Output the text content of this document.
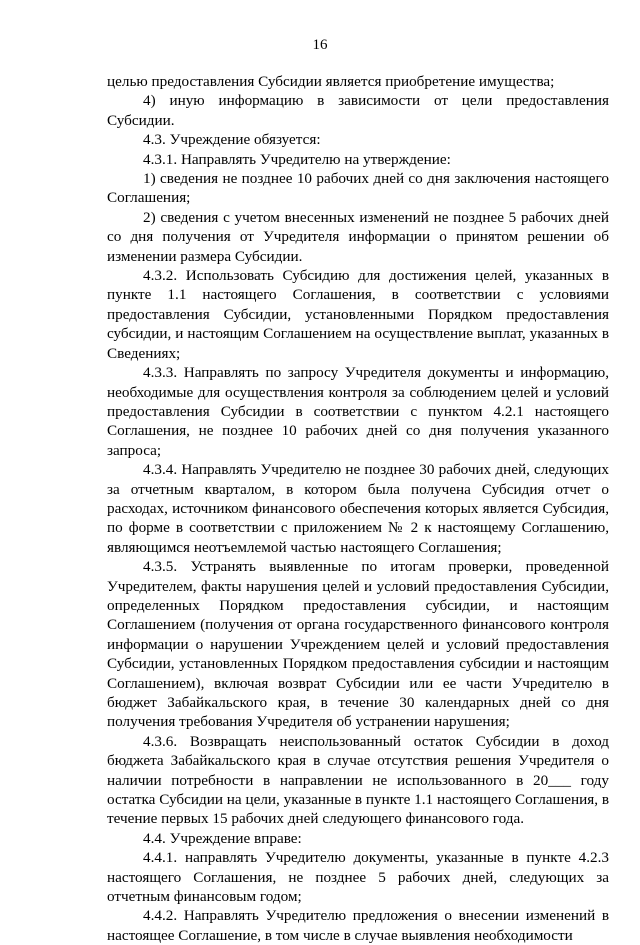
16

целью предоставления Субсидии является приобретение имущества;

4) иную информацию в зависимости от цели предоставления Субсидии.

4.3. Учреждение обязуется:

4.3.1. Направлять Учредителю на утверждение:

1) сведения не позднее 10 рабочих дней со дня заключения настоящего Соглашения;

2) сведения с учетом внесенных изменений не позднее 5 рабочих дней со дня получения от Учредителя информации о принятом решении об изменении размера Субсидии.

4.3.2. Использовать Субсидию для достижения целей, указанных в пункте 1.1 настоящего Соглашения, в соответствии с условиями предоставления Субсидии, установленными Порядком предоставления субсидии, и настоящим Соглашением на осуществление выплат, указанных в Сведениях;

4.3.3. Направлять по запросу Учредителя документы и информацию, необходимые для осуществления контроля за соблюдением целей и условий предоставления Субсидии в соответствии с пунктом 4.2.1 настоящего Соглашения, не позднее 10 рабочих дней со дня получения указанного запроса;

4.3.4. Направлять Учредителю не позднее 30 рабочих дней, следующих за отчетным кварталом, в котором была получена Субсидия отчет о расходах, источником финансового обеспечения которых является Субсидия, по форме в соответствии с приложением № 2 к настоящему Соглашению, являющимся неотъемлемой частью настоящего Соглашения;

4.3.5. Устранять выявленные по итогам проверки, проведенной Учредителем, факты нарушения целей и условий предоставления Субсидии, определенных Порядком предоставления субсидии, и настоящим Соглашением (получения от органа государственного финансового контроля информации о нарушении Учреждением целей и условий предоставления Субсидии, установленных Порядком предоставления субсидии и настоящим Соглашением), включая возврат Субсидии или ее части Учредителю в бюджет Забайкальского края, в течение 30 календарных дней со дня получения требования Учредителя об устранении нарушения;

4.3.6. Возвращать неиспользованный остаток Субсидии в доход бюджета Забайкальского края в случае отсутствия решения Учредителя о наличии потребности в направлении не использованного в 20___ году остатка Субсидии на цели, указанные в пункте 1.1 настоящего Соглашения, в течение первых 15 рабочих дней следующего финансового года.

4.4. Учреждение вправе:

4.4.1. направлять Учредителю документы, указанные в пункте 4.2.3 настоящего Соглашения, не позднее 5 рабочих дней, следующих за отчетным финансовым годом;

4.4.2. Направлять Учредителю предложения о внесении изменений в настоящее Соглашение, в том числе в случае выявления необходимости
